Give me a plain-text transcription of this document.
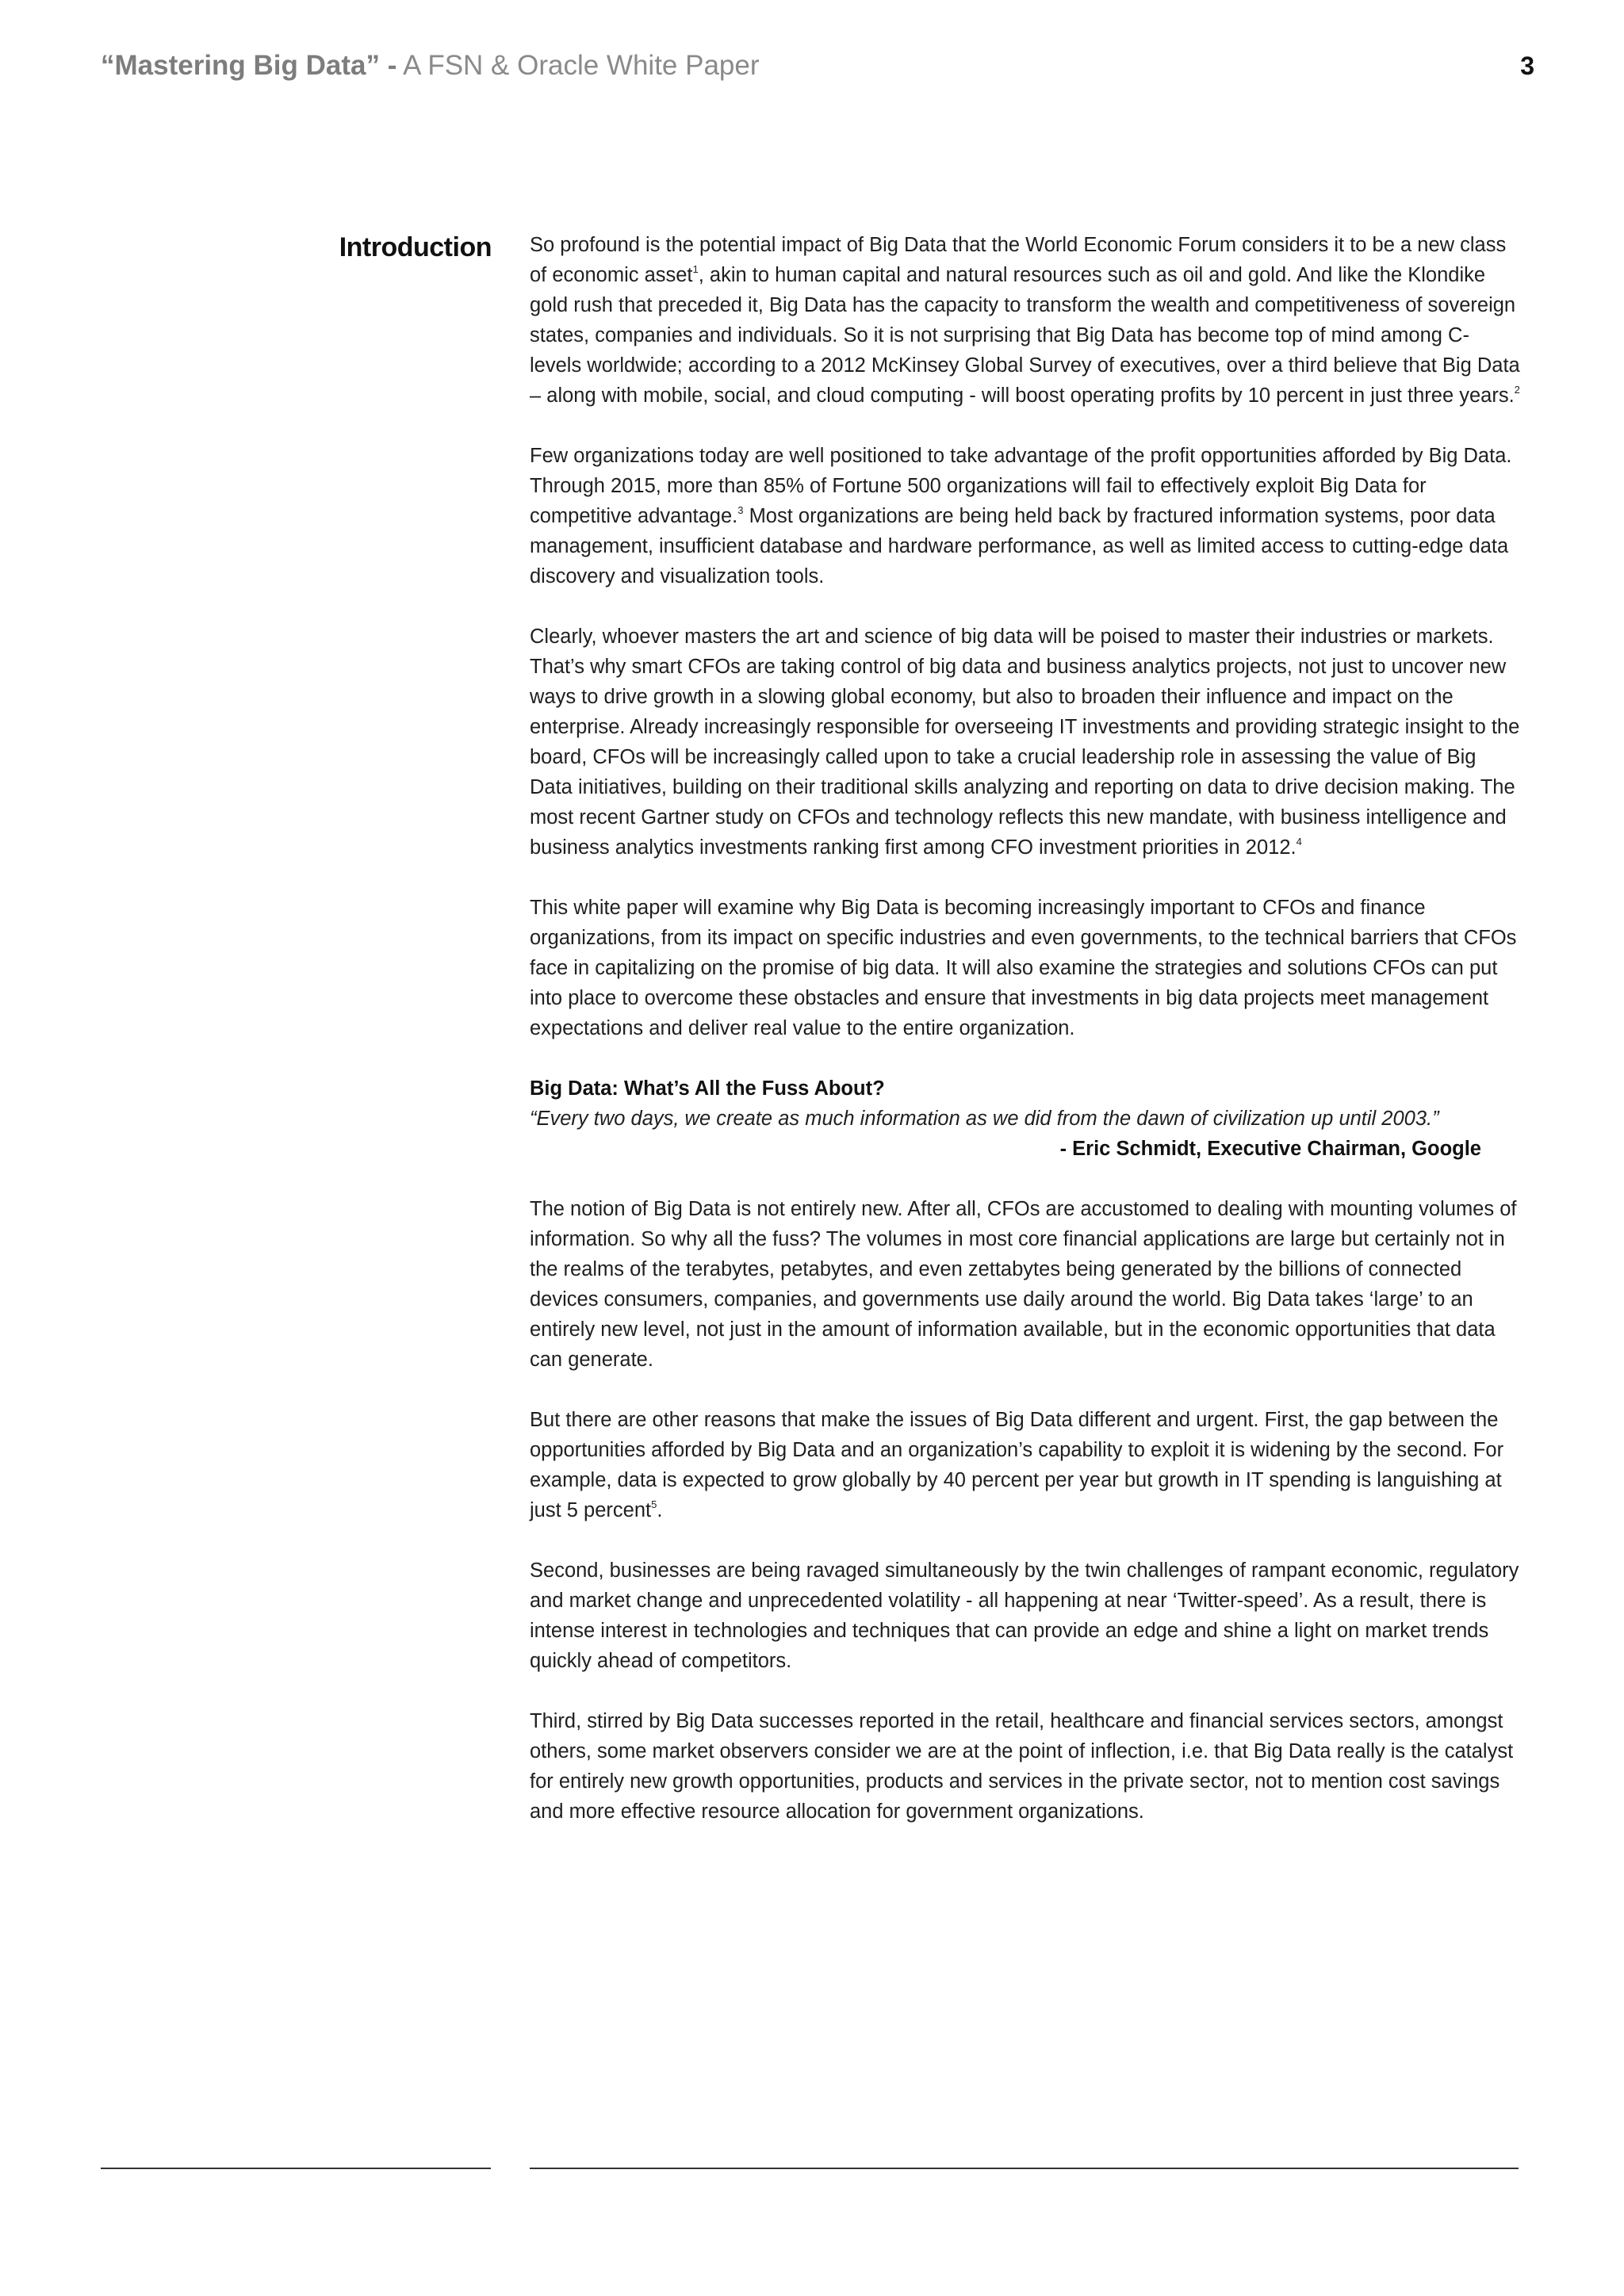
“Mastering Big Data” - A FSN & Oracle White Paper	3
Introduction So profound is the potential impact of Big Data that the World Economic Forum considers it to be a new class of economic asset$^1$, akin to human capital and natural resources such as oil and gold. And like the Klondike gold rush that preceded it, Big Data has the capacity to transform the wealth and competitiveness of sovereign states, companies and individuals. So it is not surprising that Big Data has become top of mind among C-levels worldwide; according to a 2012 McKinsey Global Survey of executives, over a third believe that Big Data – along with mobile, social, and cloud computing - will boost operating profits by 10 percent in just three years.$^2$

Few organizations today are well positioned to take advantage of the profit opportunities afforded by Big Data. Through 2015, more than 85% of Fortune 500 organizations will fail to effectively exploit Big Data for competitive advantage.$^3$ Most organizations are being held back by fractured information systems, poor data management, insufficient database and hardware performance, as well as limited access to cutting-edge data discovery and visualization tools.

Clearly, whoever masters the art and science of big data will be poised to master their industries or markets. That’s why smart CFOs are taking control of big data and business analytics projects, not just to uncover new ways to drive growth in a slowing global economy, but also to broaden their influence and impact on the enterprise. Already increasingly responsible for overseeing IT investments and providing strategic insight to the board, CFOs will be increasingly called upon to take a crucial leadership role in assessing the value of Big Data initiatives, building on their traditional skills analyzing and reporting on data to drive decision making. The most recent Gartner study on CFOs and technology reflects this new mandate, with business intelligence and business analytics investments ranking first among CFO investment priorities in 2012.$^4$

This white paper will examine why Big Data is becoming increasingly important to CFOs and finance organizations, from its impact on specific industries and even governments, to the technical barriers that CFOs face in capitalizing on the promise of big data. It will also examine the strategies and solutions CFOs can put into place to overcome these obstacles and ensure that investments in big data projects meet management expectations and deliver real value to the entire organization.

Big Data: What’s All the Fuss About?
“Every two days, we create as much information as we did from the dawn of civilization up until 2003.”
- Eric Schmidt, Executive Chairman, Google

The notion of Big Data is not entirely new. After all, CFOs are accustomed to dealing with mounting volumes of information. So why all the fuss? The volumes in most core financial applications are large but certainly not in the realms of the terabytes, petabytes, and even zettabytes being generated by the billions of connected devices consumers, companies, and governments use daily around the world. Big Data takes ‘large’ to an entirely new level, not just in the amount of information available, but in the economic opportunities that data can generate.

But there are other reasons that make the issues of Big Data different and urgent. First, the gap between the opportunities afforded by Big Data and an organization’s capability to exploit it is widening by the second. For example, data is expected to grow globally by 40 percent per year but growth in IT spending is languishing at just 5 percent$^5$.

Second, businesses are being ravaged simultaneously by the twin challenges of rampant economic, regulatory and market change and unprecedented volatility - all happening at near ‘Twitter-speed’. As a result, there is intense interest in technologies and techniques that can provide an edge and shine a light on market trends quickly ahead of competitors.

Third, stirred by Big Data successes reported in the retail, healthcare and financial services sectors, amongst others, some market observers consider we are at the point of inflection, i.e. that Big Data really is the catalyst for entirely new growth opportunities, products and services in the private sector, not to mention cost savings and more effective resource allocation for government organizations.
